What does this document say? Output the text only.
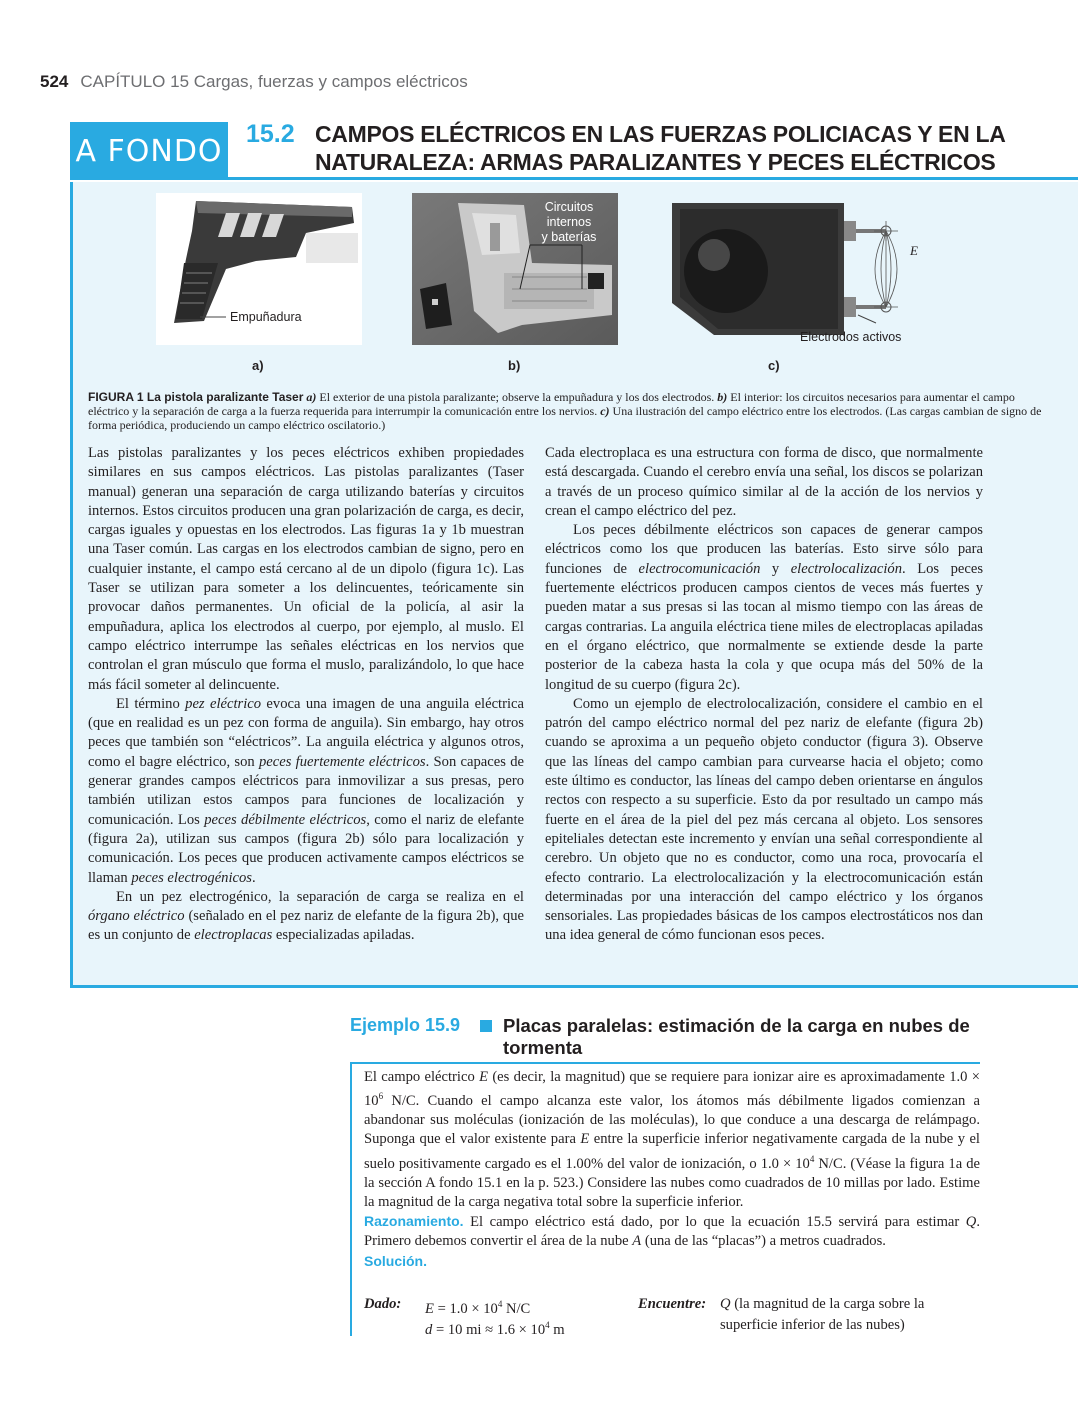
524 CAPÍTULO 15 Cargas, fuerzas y campos eléctricos
A FONDO 15.2 CAMPOS ELÉCTRICOS EN LAS FUERZAS POLICIACAS Y EN LA
NATURALEZA: ARMAS PARALIZANTES Y PECES ELÉCTRICOS
Empuñadura
a)
Circuitos
internos
y baterías
b)
E
Electrodos activos
c)
FIGURA 1 La pistola paralizante Taser a) El exterior de una pistola paralizante; observe la empuñadura y los dos electrodos. b) El interior: los circuitos necesarios para aumentar el campo eléctrico y la separación de carga a la fuerza requerida para interrumpir la comunicación entre los nervios. c) Una ilustración del campo eléctrico entre los electrodos. (Las cargas cambian de signo de forma periódica, produciendo un campo eléctrico oscilatorio.)

Las pistolas paralizantes y los peces eléctricos exhiben propiedades similares en sus campos eléctricos. Las pistolas paralizantes (Taser manual) generan una separación de carga utilizando baterías y circuitos internos. Estos circuitos producen una gran polarización de carga, es decir, cargas iguales y opuestas en los electrodos. Las figuras 1a y 1b muestran una Taser común. Las cargas en los electrodos cambian de signo, pero en cualquier instante, el campo está cercano al de un dipolo (figura 1c). Las Taser se utilizan para someter a los delincuentes, teóricamente sin provocar daños permanentes. Un oficial de la policía, al asir la empuñadura, aplica los electrodos al cuerpo, por ejemplo, al muslo. El campo eléctrico interrumpe las señales eléctricas en los nervios que controlan el gran músculo que forma el muslo, paralizándolo, lo que hace más fácil someter al delincuente.

El término pez eléctrico evoca una imagen de una anguila eléctrica (que en realidad es un pez con forma de anguila). Sin embargo, hay otros peces que también son “eléctricos”. La anguila eléctrica y algunos otros, como el bagre eléctrico, son peces fuertemente eléctricos. Son capaces de generar grandes campos eléctricos para inmovilizar a sus presas, pero también utilizan estos campos para funciones de localización y comunicación. Los peces débilmente eléctricos, como el nariz de elefante (figura 2a), utilizan sus campos (figura 2b) sólo para localización y comunicación. Los peces que producen activamente campos eléctricos se llaman peces electrogénicos.

En un pez electrogénico, la separación de carga se realiza en el órgano eléctrico (señalado en el pez nariz de elefante de la figura 2b), que es un conjunto de electroplacas especializadas apiladas.

Cada electroplaca es una estructura con forma de disco, que normalmente está descargada. Cuando el cerebro envía una señal, los discos se polarizan a través de un proceso químico similar al de la acción de los nervios y crean el campo eléctrico del pez.

Los peces débilmente eléctricos son capaces de generar campos eléctricos como los que producen las baterías. Esto sirve sólo para funciones de electrocomunicación y electrolocalización. Los peces fuertemente eléctricos producen campos cientos de veces más fuertes y pueden matar a sus presas si las tocan al mismo tiempo con las áreas de cargas contrarias. La anguila eléctrica tiene miles de electroplacas apiladas en el órgano eléctrico, que normalmente se extiende desde la parte posterior de la cabeza hasta la cola y que ocupa más del 50% de la longitud de su cuerpo (figura 2c).

Como un ejemplo de electrolocalización, considere el cambio en el patrón del campo eléctrico normal del pez nariz de elefante (figura 2b) cuando se aproxima a un pequeño objeto conductor (figura 3). Observe que las líneas del campo cambian para curvearse hacia el objeto; como este último es conductor, las líneas del campo deben orientarse en ángulos rectos con respecto a su superficie. Esto da por resultado un campo más fuerte en el área de la piel del pez más cercana al objeto. Los sensores epiteliales detectan este incremento y envían una señal correspondiente al cerebro. Un objeto que no es conductor, como una roca, provocaría el efecto contrario. La electrolocalización y la electrocomunicación están determinadas por una interacción del campo eléctrico y los órganos sensoriales. Las propiedades básicas de los campos electrostáticos nos dan una idea general de cómo funcionan esos peces.

Ejemplo 15.9 Placas paralelas: estimación de la carga en nubes de tormenta

El campo eléctrico E (es decir, la magnitud) que se requiere para ionizar aire es aproximadamente $1.0 \times 10^6$ N/C. Cuando el campo alcanza este valor, los átomos más débilmente ligados comienzan a abandonar sus moléculas (ionización de las moléculas), lo que conduce a una descarga de relámpago. Suponga que el valor existente para E entre la superficie inferior negativamente cargada de la nube y el suelo positivamente cargado es el 1.00% del valor de ionización, o $1.0 \times 10^4$ N/C. (Véase la figura 1a de la sección A fondo 15.1 en la p. 523.) Considere las nubes como cuadrados de 10 millas por lado. Estime la magnitud de la carga negativa total sobre la superficie inferior.

Razonamiento. El campo eléctrico está dado, por lo que la ecuación 15.5 servirá para estimar Q. Primero debemos convertir el área de la nube A (una de las “placas”) a metros cuadrados.

Solución.

Dado: $E = 1.0 \times 10^4$ N/C
d = 10 mi ≈ $1.6 \times 10^4$ m
Encuentre: Q (la magnitud de la carga sobre la
superficie inferior de las nubes)
